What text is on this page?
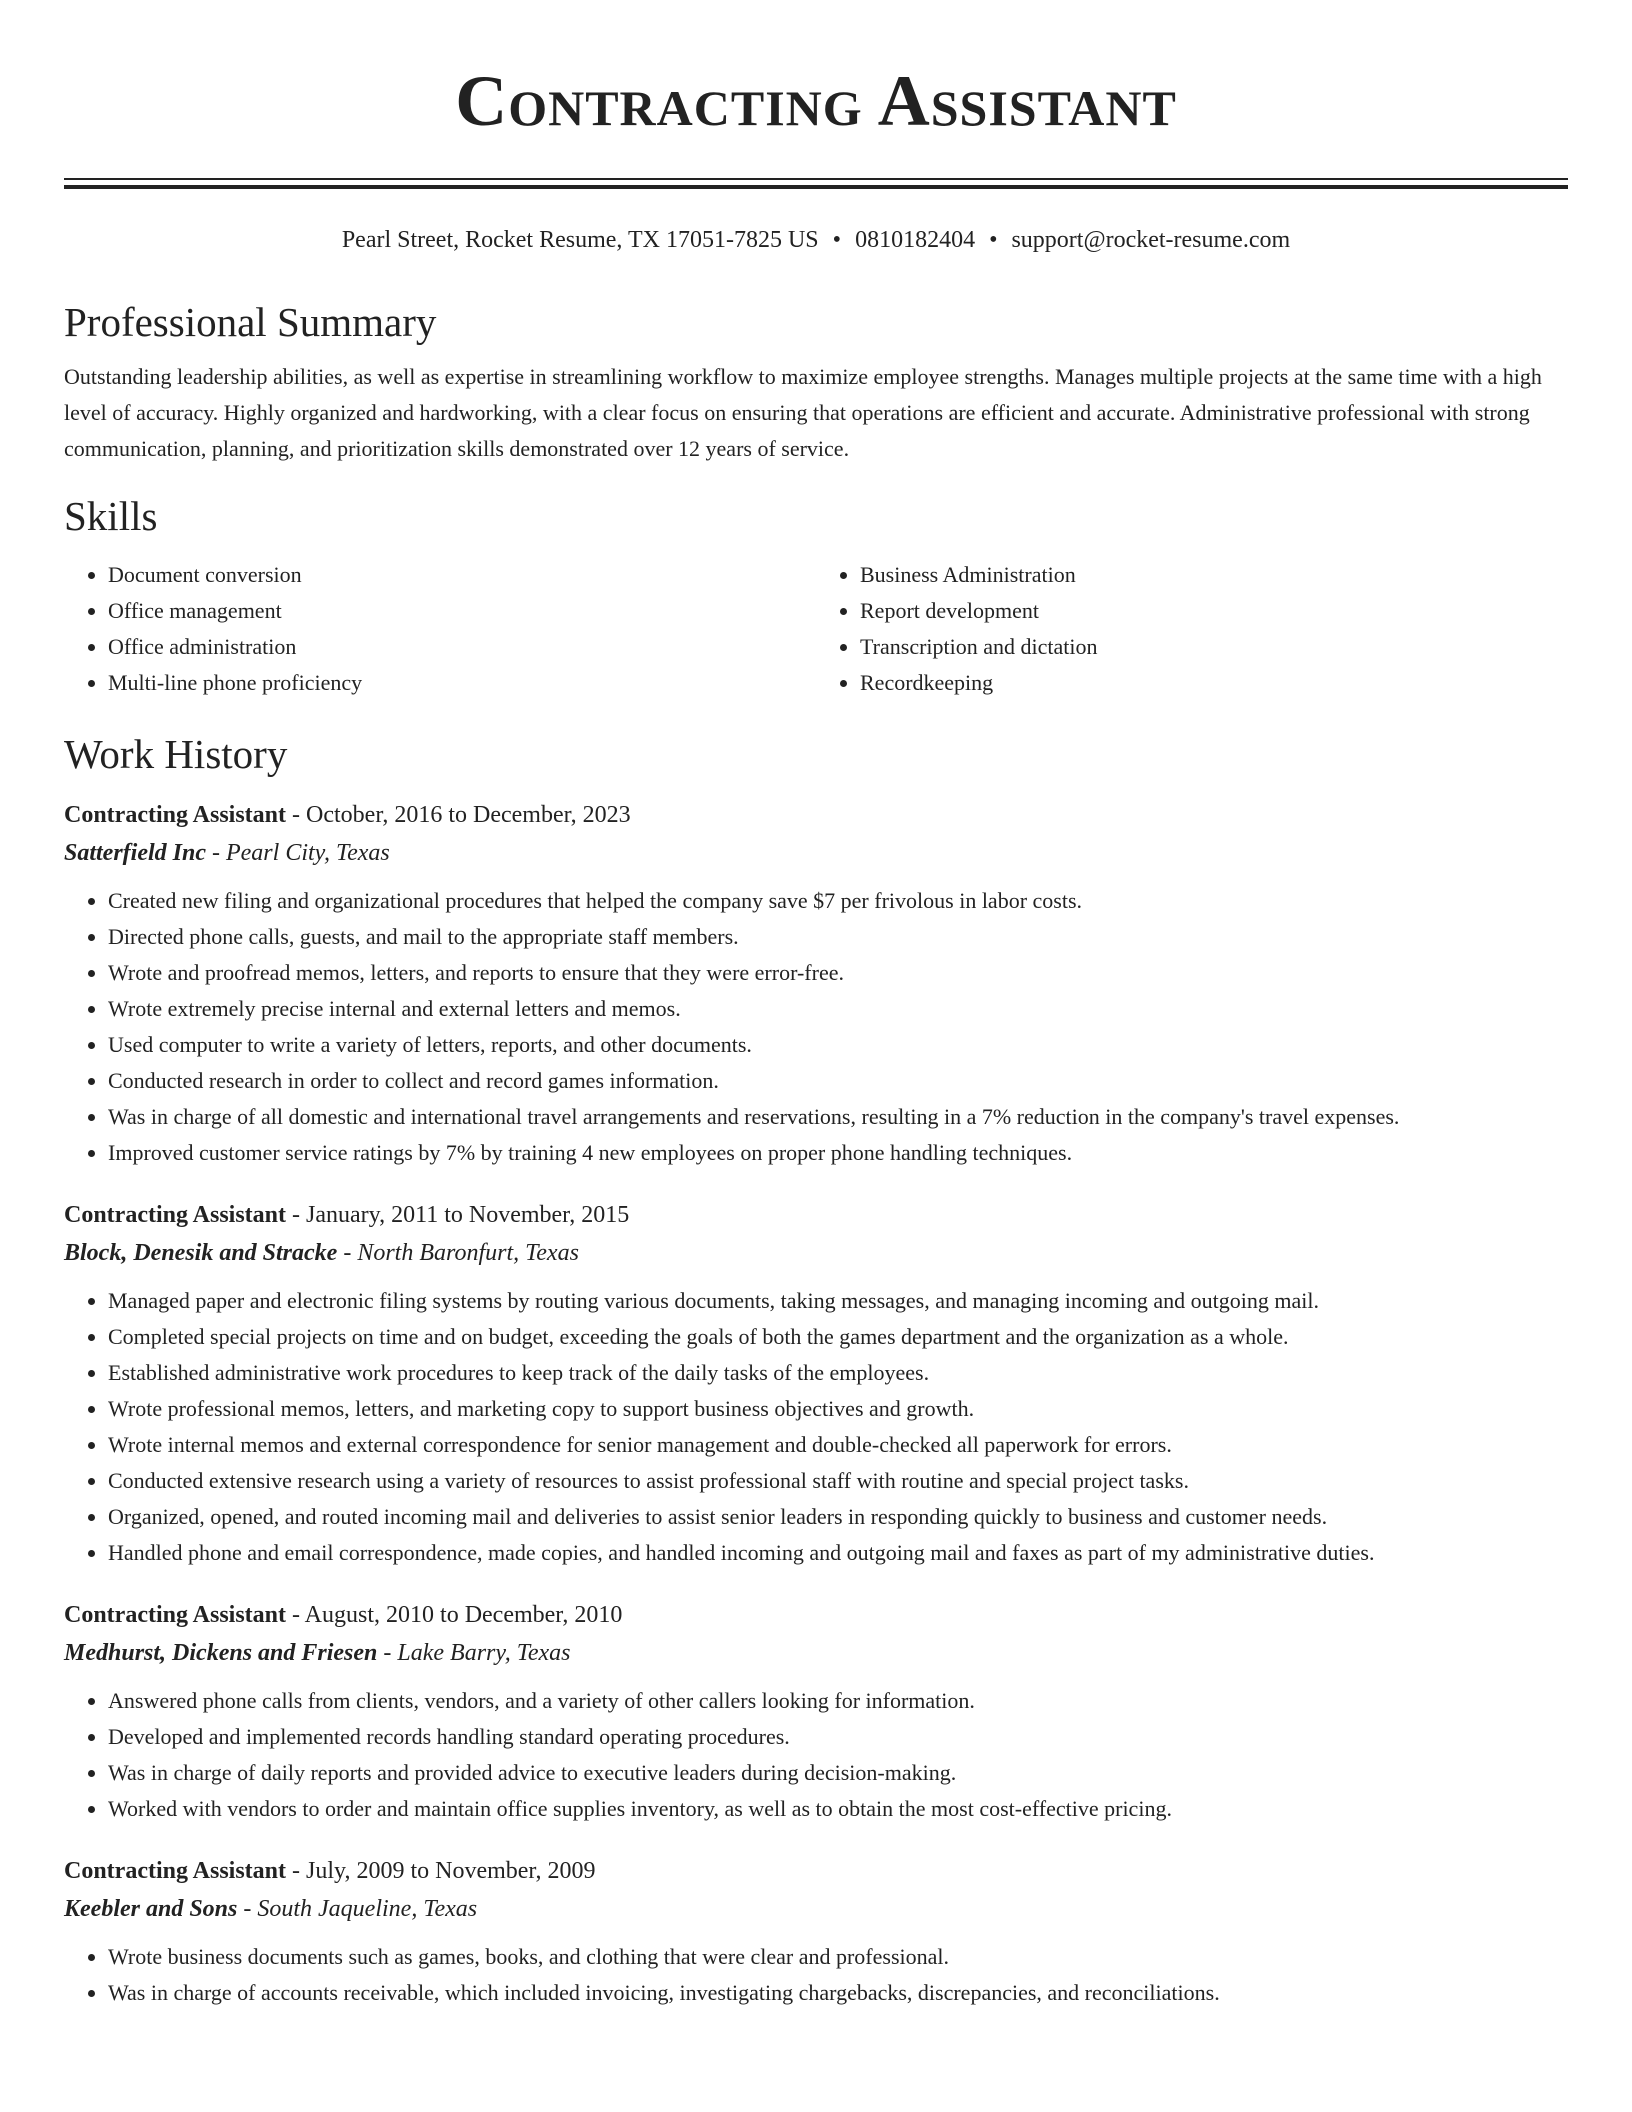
Contracting Assistant
Pearl Street, Rocket Resume, TX 17051-7825 US • 0810182404 • support@rocket-resume.com
Professional Summary
Outstanding leadership abilities, as well as expertise in streamlining workflow to maximize employee strengths. Manages multiple projects at the same time with a high level of accuracy. Highly organized and hardworking, with a clear focus on ensuring that operations are efficient and accurate. Administrative professional with strong communication, planning, and prioritization skills demonstrated over 12 years of service.
Skills
• Document conversion
• Office management
• Office administration
• Multi-line phone proficiency
• Business Administration
• Report development
• Transcription and dictation
• Recordkeeping
Work History
Contracting Assistant - October, 2016 to December, 2023
Satterfield Inc - Pearl City, Texas
• Created new filing and organizational procedures that helped the company save $7 per frivolous in labor costs.
• Directed phone calls, guests, and mail to the appropriate staff members.
• Wrote and proofread memos, letters, and reports to ensure that they were error-free.
• Wrote extremely precise internal and external letters and memos.
• Used computer to write a variety of letters, reports, and other documents.
• Conducted research in order to collect and record games information.
• Was in charge of all domestic and international travel arrangements and reservations, resulting in a 7% reduction in the company's travel expenses.
• Improved customer service ratings by 7% by training 4 new employees on proper phone handling techniques.
Contracting Assistant - January, 2011 to November, 2015
Block, Denesik and Stracke - North Baronfurt, Texas
• Managed paper and electronic filing systems by routing various documents, taking messages, and managing incoming and outgoing mail.
• Completed special projects on time and on budget, exceeding the goals of both the games department and the organization as a whole.
• Established administrative work procedures to keep track of the daily tasks of the employees.
• Wrote professional memos, letters, and marketing copy to support business objectives and growth.
• Wrote internal memos and external correspondence for senior management and double-checked all paperwork for errors.
• Conducted extensive research using a variety of resources to assist professional staff with routine and special project tasks.
• Organized, opened, and routed incoming mail and deliveries to assist senior leaders in responding quickly to business and customer needs.
• Handled phone and email correspondence, made copies, and handled incoming and outgoing mail and faxes as part of my administrative duties.
Contracting Assistant - August, 2010 to December, 2010
Medhurst, Dickens and Friesen - Lake Barry, Texas
• Answered phone calls from clients, vendors, and a variety of other callers looking for information.
• Developed and implemented records handling standard operating procedures.
• Was in charge of daily reports and provided advice to executive leaders during decision-making.
• Worked with vendors to order and maintain office supplies inventory, as well as to obtain the most cost-effective pricing.
Contracting Assistant - July, 2009 to November, 2009
Keebler and Sons - South Jaqueline, Texas
• Wrote business documents such as games, books, and clothing that were clear and professional.
• Was in charge of accounts receivable, which included invoicing, investigating chargebacks, discrepancies, and reconciliations.
